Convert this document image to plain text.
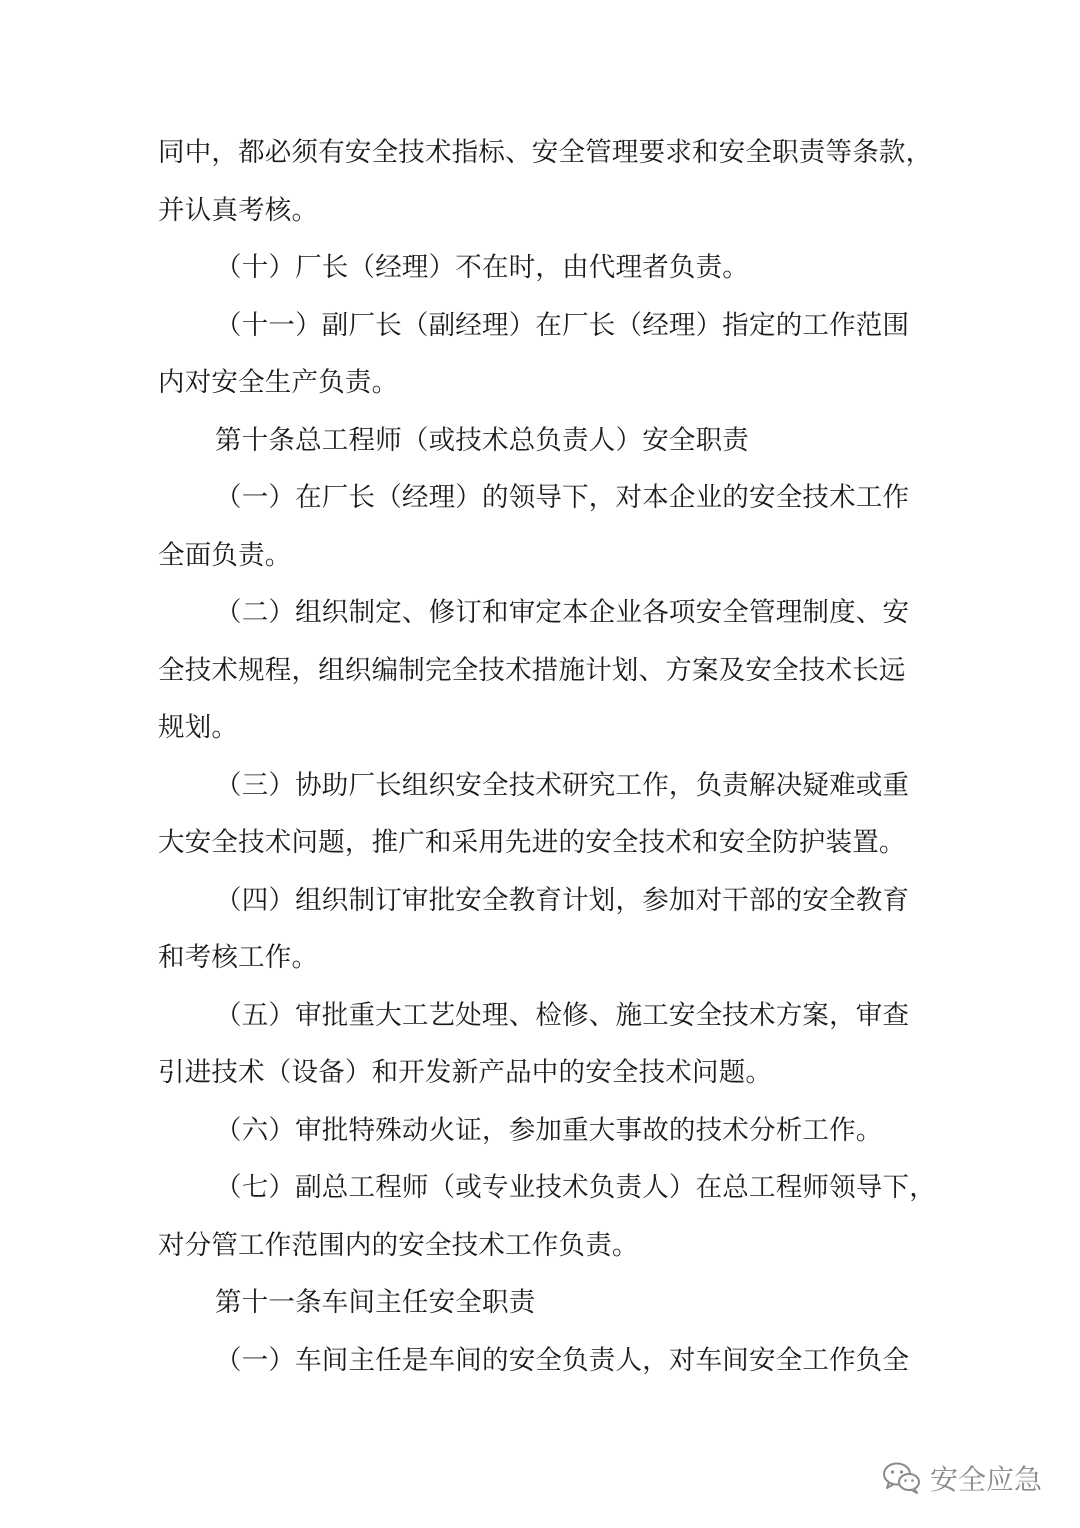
同中，都必须有安全技术指标、安全管理要求和安全职责等条款，
并认真考核。
（十）厂长（经理）不在时，由代理者负责。
（十一）副厂长（副经理）在厂长（经理）指定的工作范围
内对安全生产负责。
第十条总工程师（或技术总负责人）安全职责
（一）在厂长（经理）的领导下，对本企业的安全技术工作
全面负责。
（二）组织制定、修订和审定本企业各项安全管理制度、安
全技术规程，组织编制完全技术措施计划、方案及安全技术长远
规划。
（三）协助厂长组织安全技术研究工作，负责解决疑难或重
大安全技术问题，推广和采用先进的安全技术和安全防护装置。
（四）组织制订审批安全教育计划，参加对干部的安全教育
和考核工作。
（五）审批重大工艺处理、检修、施工安全技术方案，审查
引进技术（设备）和开发新产品中的安全技术问题。
（六）审批特殊动火证，参加重大事故的技术分析工作。
（七）副总工程师（或专业技术负责人）在总工程师领导下，
对分管工作范围内的安全技术工作负责。
第十一条车间主任安全职责
（一）车间主任是车间的安全负责人，对车间安全工作负全
安全应急
